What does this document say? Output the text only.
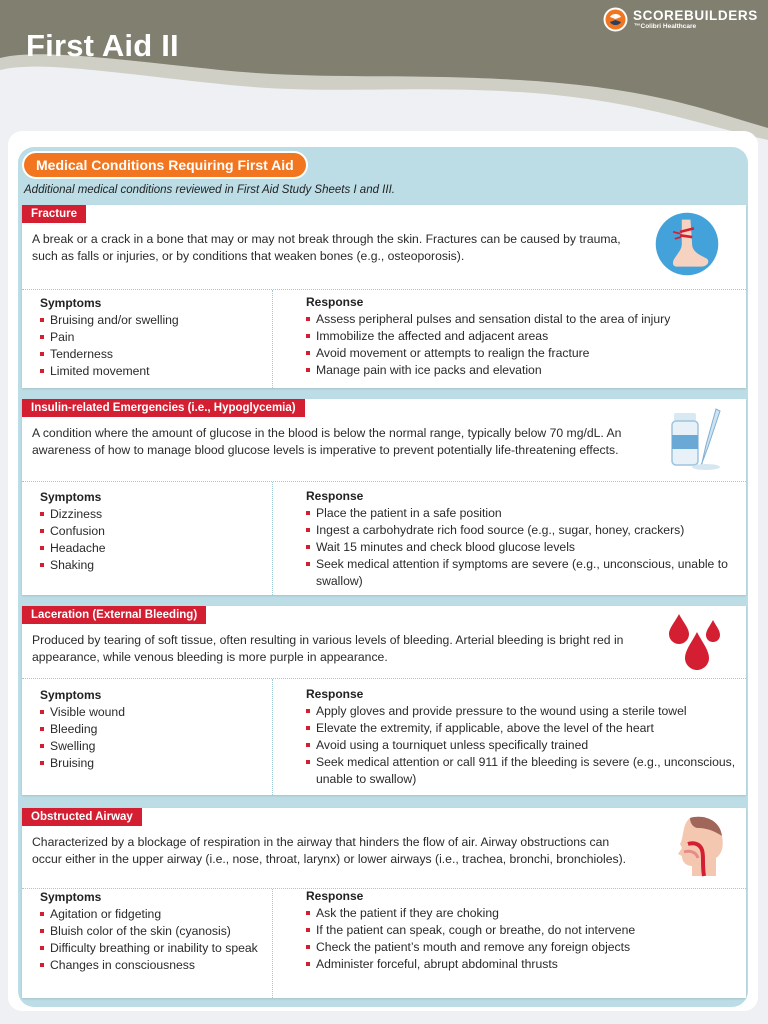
First Aid II
SCOREBUILDERS
™Colibri Healthcare
Medical Conditions Requiring First Aid
Additional medical conditions reviewed in First Aid Study Sheets I and III.
Fracture

A break or a crack in a bone that may or may not break through the skin. Fractures can be caused by trauma, such as falls or injuries, or by conditions that weaken bones (e.g., osteoporosis).

Symptoms
Bruising and/or swelling
Pain
Tenderness
Limited movement
Response
Assess peripheral pulses and sensation distal to the area of injury
Immobilize the affected and adjacent areas
Avoid movement or attempts to realign the fracture
Manage pain with ice packs and elevation
Insulin-related Emergencies (i.e., Hypoglycemia)

A condition where the amount of glucose in the blood is below the normal range, typically below 70 mg/dL. An awareness of how to manage blood glucose levels is imperative to prevent potentially life-threatening effects.

Symptoms
Dizziness
Confusion
Headache
Shaking
Response
Place the patient in a safe position
Ingest a carbohydrate rich food source (e.g., sugar, honey, crackers)
Wait 15 minutes and check blood glucose levels
Seek medical attention if symptoms are severe (e.g., unconscious, unable to swallow)
Laceration (External Bleeding)

Produced by tearing of soft tissue, often resulting in various levels of bleeding. Arterial bleeding is bright red in appearance, while venous bleeding is more purple in appearance.

Symptoms
Visible wound
Bleeding
Swelling
Bruising
Response
Apply gloves and provide pressure to the wound using a sterile towel
Elevate the extremity, if applicable, above the level of the heart
Avoid using a tourniquet unless specifically trained
Seek medical attention or call 911 if the bleeding is severe (e.g., unconscious, unable to swallow)
Obstructed Airway

Characterized by a blockage of respiration in the airway that hinders the flow of air. Airway obstructions can occur either in the upper airway (i.e., nose, throat, larynx) or lower airways (i.e., trachea, bronchi, bronchioles).

Symptoms
Agitation or fidgeting
Bluish color of the skin (cyanosis)
Difficulty breathing or inability to speak
Changes in consciousness
Response
Ask the patient if they are choking
If the patient can speak, cough or breathe, do not intervene
Check the patient’s mouth and remove any foreign objects
Administer forceful, abrupt abdominal thrusts
